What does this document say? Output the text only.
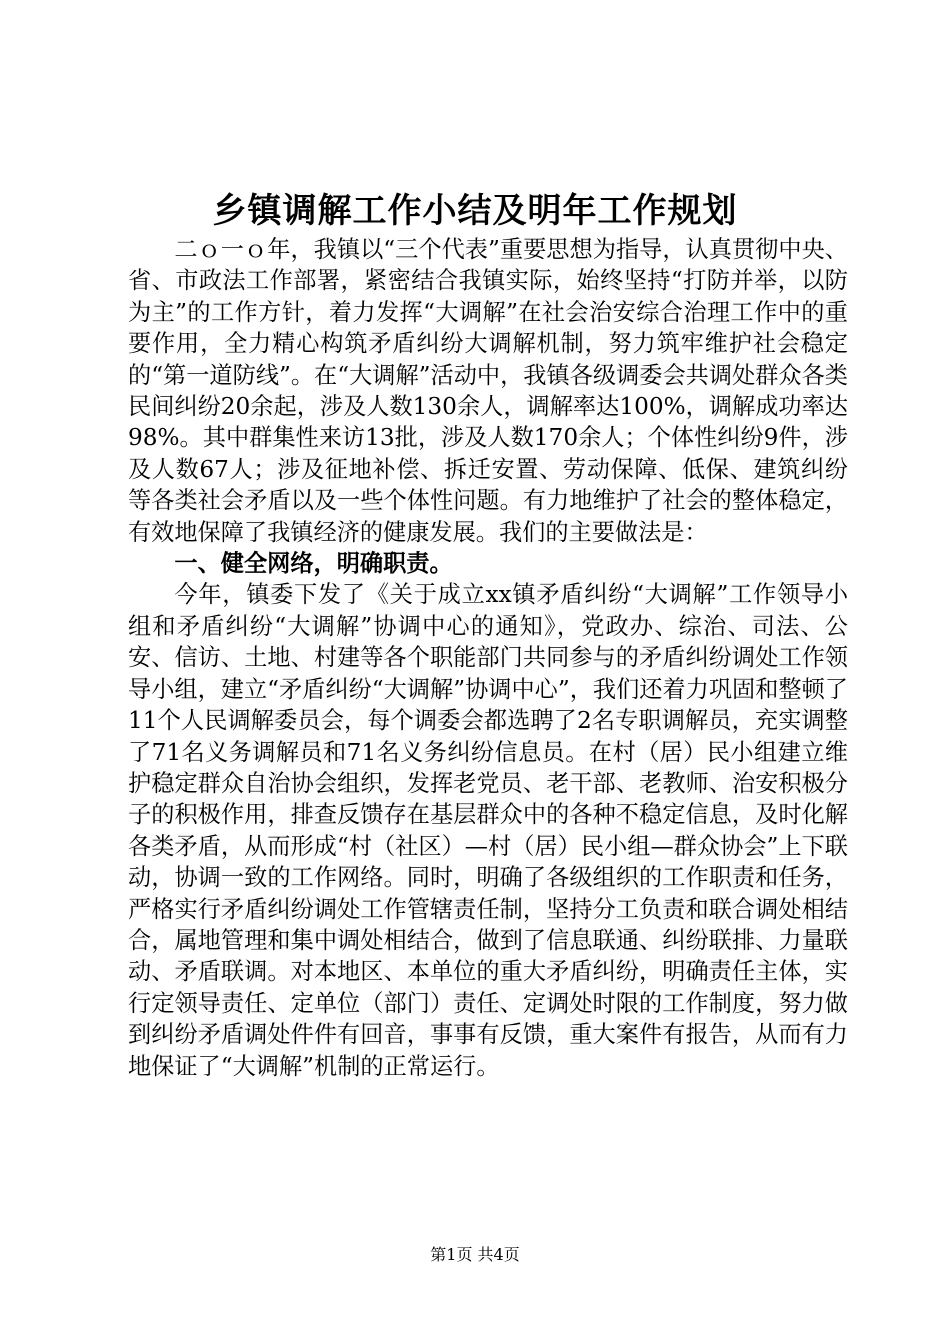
乡镇调解工作小结及明年工作规划

二ｏ一ｏ年，我镇以“三个代表”重要思想为指导，认真贯彻中央、省、市政法工作部署，紧密结合我镇实际，始终坚持“打防并举，以防为主”的工作方针，着力发挥“大调解”在社会治安综合治理工作中的重要作用，全力精心构筑矛盾纠纷大调解机制，努力筑牢维护社会稳定的“第一道防线”。在“大调解”活动中，我镇各级调委会共调处群众各类民间纠纷20余起，涉及人数130余人，调解率达100%，调解成功率达98%。其中群集性来访13批，涉及人数170余人；个体性纠纷9件，涉及人数67人；涉及征地补偿、拆迁安置、劳动保障、低保、建筑纠纷等各类社会矛盾以及一些个体性问题。有力地维护了社会的整体稳定，有效地保障了我镇经济的健康发展。我们的主要做法是：

一、健全网络，明确职责。

今年，镇委下发了《关于成立xx镇矛盾纠纷“大调解”工作领导小组和矛盾纠纷“大调解”协调中心的通知》，党政办、综治、司法、公安、信访、土地、村建等各个职能部门共同参与的矛盾纠纷调处工作领导小组，建立“矛盾纠纷“大调解”协调中心”，我们还着力巩固和整顿了11个人民调解委员会，每个调委会都选聘了2名专职调解员，充实调整了71名义务调解员和71名义务纠纷信息员。在村（居）民小组建立维护稳定群众自治协会组织，发挥老党员、老干部、老教师、治安积极分子的积极作用，排查反馈存在基层群众中的各种不稳定信息，及时化解各类矛盾，从而形成“村（社区）—村（居）民小组—群众协会”上下联动，协调一致的工作网络。同时，明确了各级组织的工作职责和任务，严格实行矛盾纠纷调处工作管辖责任制，坚持分工负责和联合调处相结合，属地管理和集中调处相结合，做到了信息联通、纠纷联排、力量联动、矛盾联调。对本地区、本单位的重大矛盾纠纷，明确责任主体，实行定领导责任、定单位（部门）责任、定调处时限的工作制度，努力做到纠纷矛盾调处件件有回音，事事有反馈，重大案件有报告，从而有力地保证了“大调解”机制的正常运行。

第1页 共4页
